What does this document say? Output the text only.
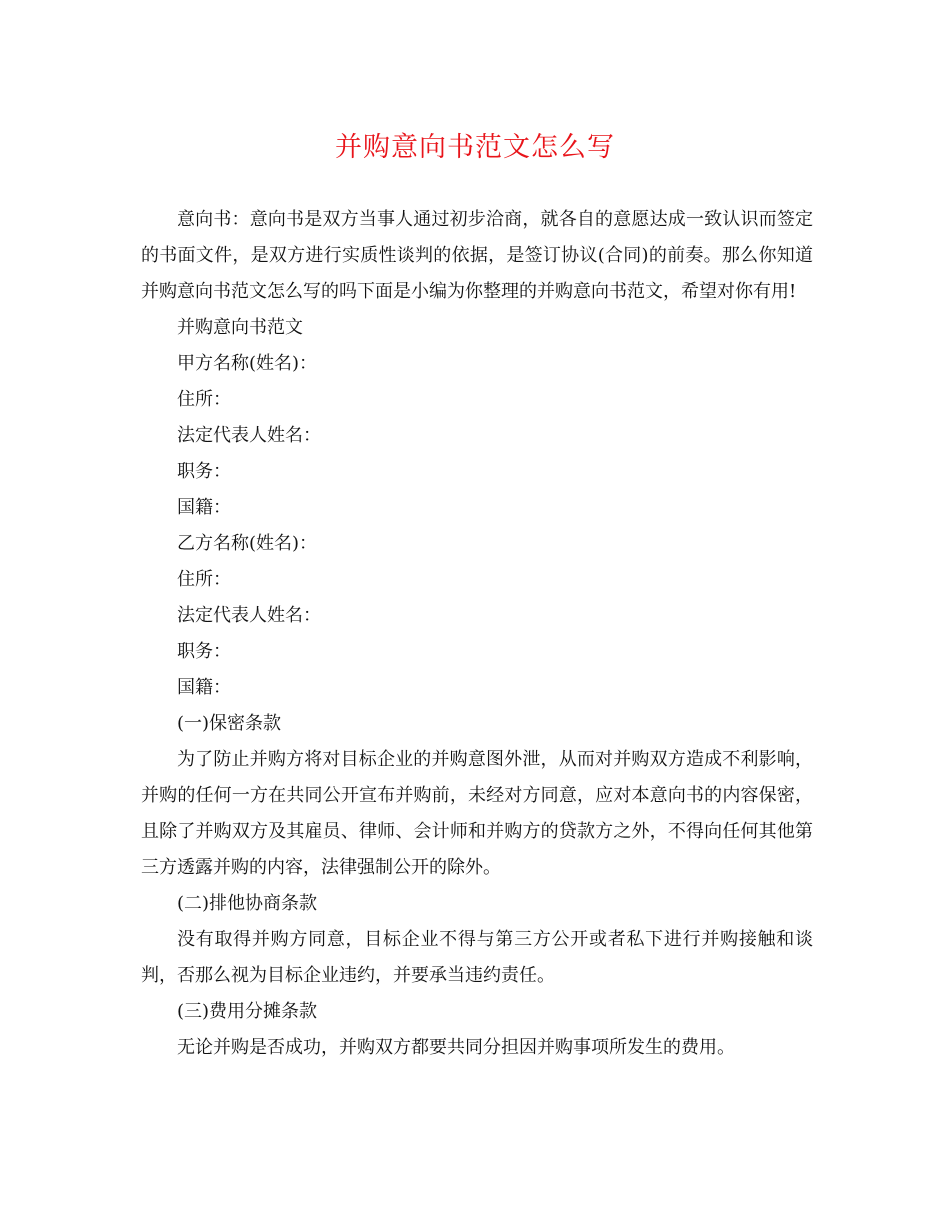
并购意向书范文怎么写

意向书：意向书是双方当事人通过初步洽商，就各自的意愿达成一致认识而签定的书面文件，是双方进行实质性谈判的依据，是签订协议(合同)的前奏。那么你知道并购意向书范文怎么写的吗下面是小编为你整理的并购意向书范文，希望对你有用!

并购意向书范文

甲方名称(姓名)：

住所：

法定代表人姓名：

职务：

国籍：

乙方名称(姓名)：

住所：

法定代表人姓名：

职务：

国籍：

(一)保密条款

为了防止并购方将对目标企业的并购意图外泄，从而对并购双方造成不利影响，并购的任何一方在共同公开宣布并购前，未经对方同意，应对本意向书的内容保密，且除了并购双方及其雇员、律师、会计师和并购方的贷款方之外，不得向任何其他第三方透露并购的内容，法律强制公开的除外。

(二)排他协商条款

没有取得并购方同意，目标企业不得与第三方公开或者私下进行并购接触和谈判，否那么视为目标企业违约，并要承当违约责任。

(三)费用分摊条款

无论并购是否成功，并购双方都要共同分担因并购事项所发生的费用。
